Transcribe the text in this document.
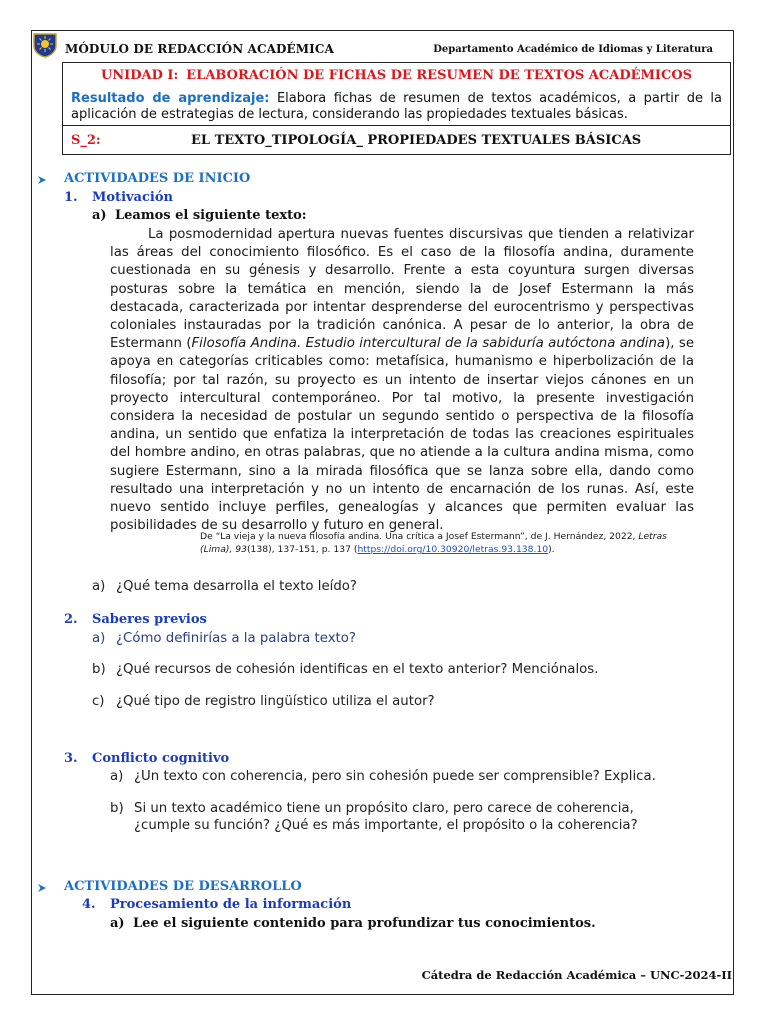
MÓDULO DE REDACCIÓN ACADÉMICA	Departamento Académico de Idiomas y Literatura
UNIDAD I: ELABORACIÓN DE FICHAS DE RESUMEN DE TEXTOS ACADÉMICOS
Resultado de aprendizaje: Elabora fichas de resumen de textos académicos, a partir de la aplicación de estrategias de lectura, considerando las propiedades textuales básicas.
S_2:	EL TEXTO_TIPOLOGÍA_ PROPIEDADES TEXTUALES BÁSICAS
ACTIVIDADES DE INICIO
1. Motivación
a) Leamos el siguiente texto:
La posmodernidad apertura nuevas fuentes discursivas que tienden a relativizar las áreas del conocimiento filosófico. Es el caso de la filosofía andina, duramente cuestionada en su génesis y desarrollo. Frente a esta coyuntura surgen diversas posturas sobre la temática en mención, siendo la de Josef Estermann la más destacada, caracterizada por intentar desprenderse del eurocentrismo y perspectivas coloniales instauradas por la tradición canónica. A pesar de lo anterior, la obra de Estermann (Filosofía Andina. Estudio intercultural de la sabiduría autóctona andina), se apoya en categorías criticables como: metafísica, humanismo e hiperbolización de la filosofía; por tal razón, su proyecto es un intento de insertar viejos cánones en un proyecto intercultural contemporáneo. Por tal motivo, la presente investigación considera la necesidad de postular un segundo sentido o perspectiva de la filosofía andina, un sentido que enfatiza la interpretación de todas las creaciones espirituales del hombre andino, en otras palabras, que no atiende a la cultura andina misma, como sugiere Estermann, sino a la mirada filosófica que se lanza sobre ella, dando como resultado una interpretación y no un intento de encarnación de los runas. Así, este nuevo sentido incluye perfiles, genealogías y alcances que permiten evaluar las posibilidades de su desarrollo y futuro en general.
De “La vieja y la nueva filosofía andina. Una crítica a Josef Estermann”, de J. Hernández, 2022, Letras (Lima), 93(138), 137-151, p. 137 (https://doi.org/10.30920/letras.93.138.10).
a) ¿Qué tema desarrolla el texto leído?
2. Saberes previos
a) ¿Cómo definirías a la palabra texto?
b) ¿Qué recursos de cohesión identificas en el texto anterior? Menciónalos.
c) ¿Qué tipo de registro lingüístico utiliza el autor?
3. Conflicto cognitivo
a) ¿Un texto con coherencia, pero sin cohesión puede ser comprensible? Explica.
b) Si un texto académico tiene un propósito claro, pero carece de coherencia, ¿cumple su función? ¿Qué es más importante, el propósito o la coherencia?
ACTIVIDADES DE DESARROLLO
4. Procesamiento de la información
a) Lee el siguiente contenido para profundizar tus conocimientos.
Cátedra de Redacción Académica – UNC-2024-II
